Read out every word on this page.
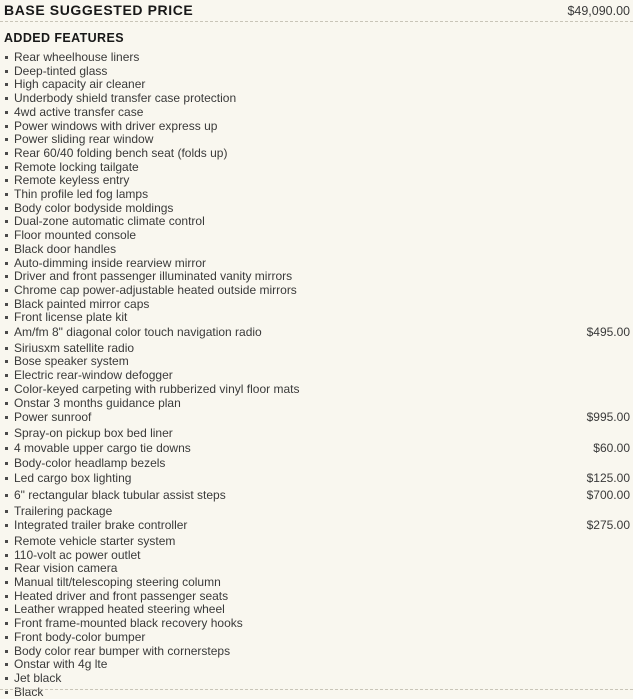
BASE SUGGESTED PRICE	$49,090.00
ADDED FEATURES
Rear wheelhouse liners
Deep-tinted glass
High capacity air cleaner
Underbody shield transfer case protection
4wd active transfer case
Power windows with driver express up
Power sliding rear window
Rear 60/40 folding bench seat (folds up)
Remote locking tailgate
Remote keyless entry
Thin profile led fog lamps
Body color bodyside moldings
Dual-zone automatic climate control
Floor mounted console
Black door handles
Auto-dimming inside rearview mirror
Driver and front passenger illuminated vanity mirrors
Chrome cap power-adjustable heated outside mirrors
Black painted mirror caps
Front license plate kit
Am/fm 8" diagonal color touch navigation radio	$495.00
Siriusxm satellite radio
Bose speaker system
Electric rear-window defogger
Color-keyed carpeting with rubberized vinyl floor mats
Onstar 3 months guidance plan
Power sunroof	$995.00
Spray-on pickup box bed liner
4 movable upper cargo tie downs	$60.00
Body-color headlamp bezels
Led cargo box lighting	$125.00
6" rectangular black tubular assist steps	$700.00
Trailering package
Integrated trailer brake controller	$275.00
Remote vehicle starter system
110-volt ac power outlet
Rear vision camera
Manual tilt/telescoping steering column
Heated driver and front passenger seats
Leather wrapped heated steering wheel
Front frame-mounted black recovery hooks
Front body-color bumper
Body color rear bumper with cornersteps
Onstar with 4g lte
Jet black
Black
